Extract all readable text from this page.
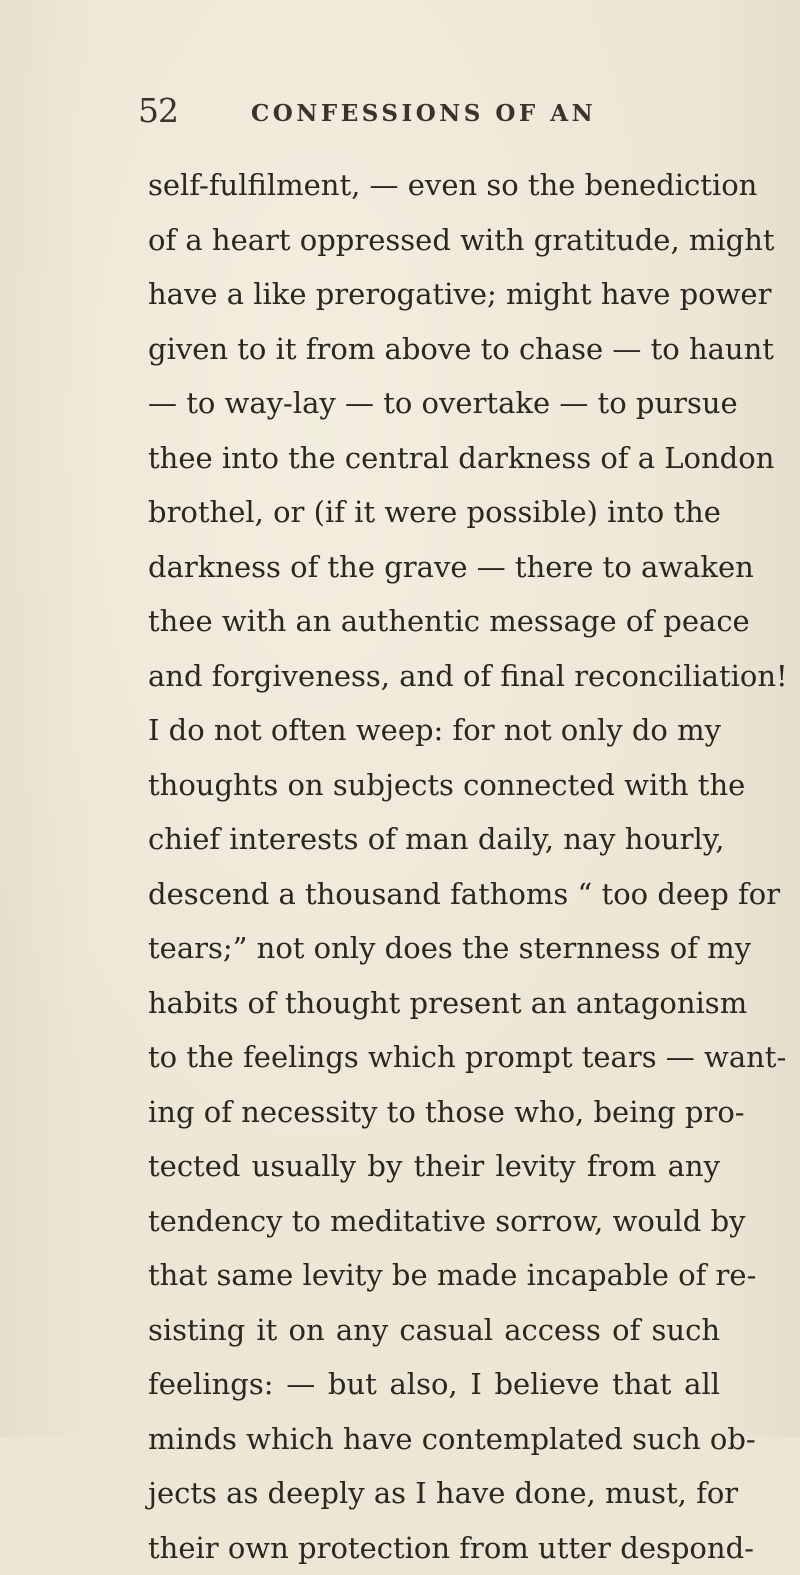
52	CONFESSIONS OF AN
self-fulfilment, — even so the benediction
of a heart oppressed with gratitude, might
have a like prerogative; might have power
given to it from above to chase — to haunt
— to way-lay — to overtake — to pursue
thee into the central darkness of a London
brothel, or (if it were possible) into the
darkness of the grave — there to awaken
thee with an authentic message of peace
and forgiveness, and of final reconciliation!
I do not often weep: for not only do my
thoughts on subjects connected with the
chief interests of man daily, nay hourly,
descend a thousand fathoms “ too deep for
tears;” not only does the sternness of my
habits of thought present an antagonism
to the feelings which prompt tears — want-
ing of necessity to those who, being pro-
tected usually by their levity from any
tendency to meditative sorrow, would by
that same levity be made incapable of re-
sisting it on any casual access of such
feelings: — but also, I believe that all
minds which have contemplated such ob-
jects as deeply as I have done, must, for
their own protection from utter despond-
